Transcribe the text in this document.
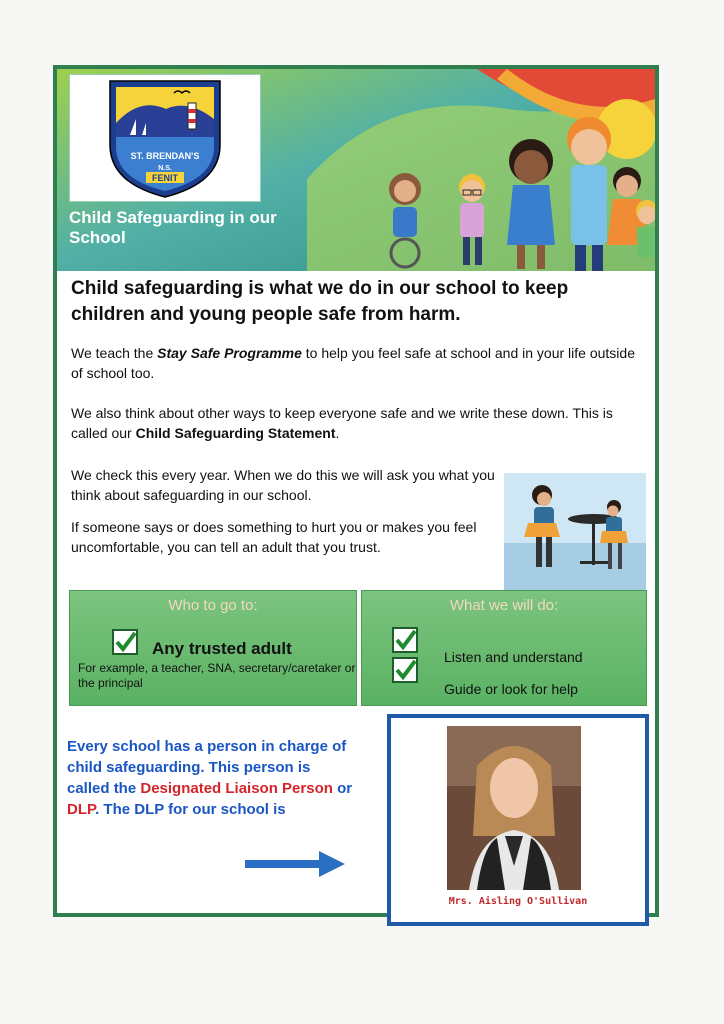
ST. BRENDAN'S
N.S.
FENIT
Child Safeguarding in our School
Child safeguarding is what we do in our school to keep children and young people safe from harm.
We teach the Stay Safe Programme to help you feel safe at school and in your life outside of school too.
We also think about other ways to keep everyone safe and we write these down. This is called our Child Safeguarding Statement.
We check this every year. When we do this we will ask you what you think about safeguarding in our school.
If someone says or does something to hurt you or makes you feel uncomfortable, you can tell an adult that you trust.
Who to go to:
Any trusted adult
For example, a teacher, SNA, secretary/caretaker or the principal
What we will do:
Listen and understand
Guide or look for help
Every school has a person in charge of child safeguarding. This person is called the Designated Liaison Person or DLP. The DLP for our school is
Mrs. Aisling O'Sullivan
